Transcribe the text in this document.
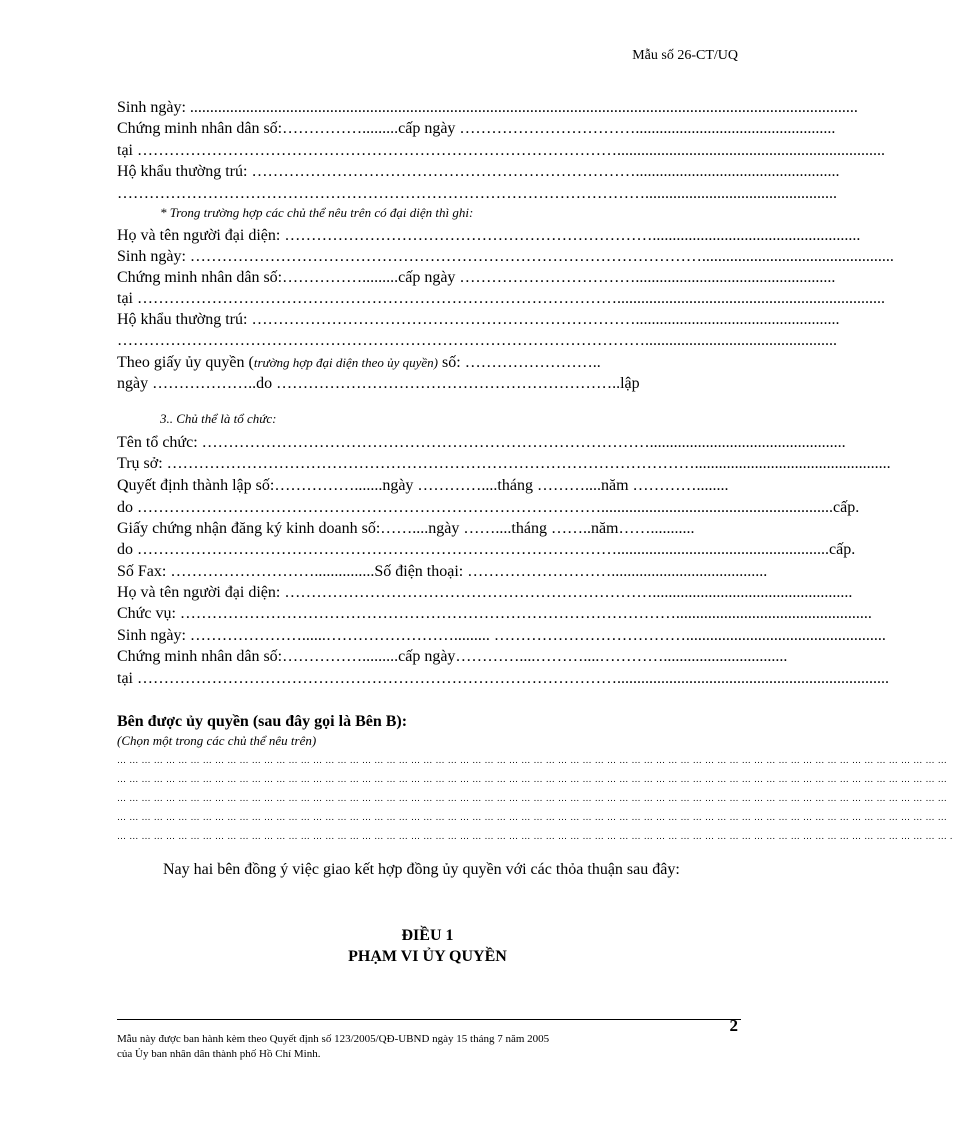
Mẫu số 26-CT/UQ
Sinh ngày: .......................................................................................................................................................................
Chứng minh nhân dân số:…………….........cấp ngày ……………………………..................................................
tại ………………………………………………………………………………...................................................................
Hộ khẩu thường trú: ………………………………………………………………...................................................
………………………………………………………………………………………................................................
* Trong trường hợp các chủ thể nêu trên có đại diện thì ghi:
Họ và tên người đại diện: ……………………………………………………………....................................................
Sinh ngày: ……………………………………………………………………………………................................................
Chứng minh nhân dân số:…………….........cấp ngày ……………………………..................................................
tại ………………………………………………………………………………...................................................................
Hộ khẩu thường trú: ………………………………………………………………...................................................
………………………………………………………………………………………................................................
Theo giấy ủy quyền (trường hợp đại diện theo ủy quyền) số: ……………………..
ngày ………………..do ………………………………………………………..lập
3.. Chủ thể là tổ chức:
Tên tổ chức: ………………………………………………………………………….................................................
Trụ sở: ……………………………………………………………………………………….................................................
Quyết định thành lập số:…………….......ngày …………....tháng ………....năm …………........
do ……………………………………………………………………………..........................................................cấp.
Giấy chứng nhận đăng ký kinh doanh số:……....ngày ……....tháng ……..năm……...........
do ……………………………………………………………………………….....................................................cấp.
Số Fax: ………………………...............Số điện thoại: ……………………….......................................
Họ và tên người đại diện: ……………………………………………………………..................................................
Chức vụ: ………………………………………………………………………………….................................................
Sinh ngày: …………………......……………………......... ………………………………..................................................
Chứng minh nhân dân số:…………….........cấp ngày…………....………....…………...............................
tại ………………………………………………………………………………....................................................................
Bên được ủy quyền (sau đây gọi là Bên B):
(Chọn một trong các chủ thể nêu trên)
… … … … … … … … … … … … … … … … … … … … … … … … … … … … … … … … … … … … … … … … … … … … … … … … … … … … … … … … … … … … … … … … … … … …
… … … … … … … … … … … … … … … … … … … … … … … … … … … … … … … … … … … … … … … … … … … … … … … … … … … … … … … … … … … … … … … … … … … …
… … … … … … … … … … … … … … … … … … … … … … … … … … … … … … … … … … … … … … … … … … … … … … … … … … … … … … … … … … … … … … … … … … … …
… … … … … … … … … … … … … … … … … … … … … … … … … … … … … … … … … … … … … … … … … … … … … … … … … … … … … … … … … … … … … … … … … … … …
… … … … … … … … … … … … … … … … … … … … … … … … … … … … … … … … … … … … … … … … … … … … … … … … … … … … … … … … … … … … … … … … … … … … .
Nay hai bên đồng ý việc giao kết hợp đồng ủy quyền với các thỏa thuận sau đây:
ĐIỀU 1
PHẠM VI ỦY QUYỀN
Mẫu này được ban hành kèm theo Quyết định số 123/2005/QĐ-UBND ngày 15 tháng 7 năm 2005
của Ủy ban nhân dân thành phố Hồ Chí Minh.
2
